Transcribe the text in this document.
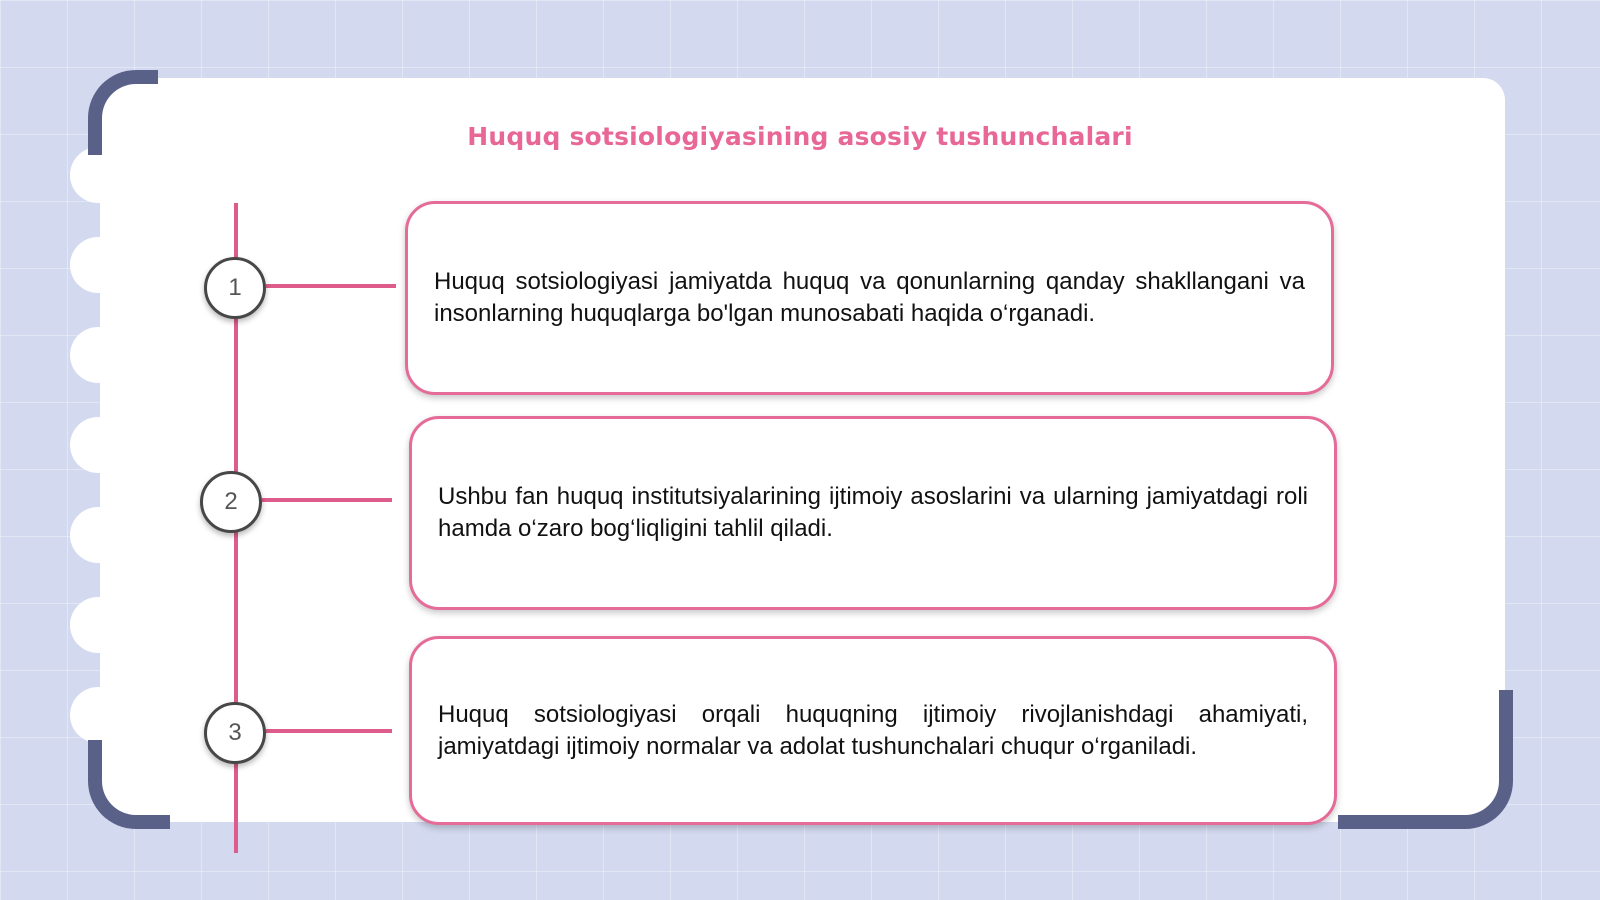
Huquq sotsiologiyasining asosiy tushunchalari
1
2
3

Huquq sotsiologiyasi jamiyatda huquq va qonunlarning qanday shakllangani va insonlarning huquqlarga bo'lgan munosabati haqida o‘rganadi.

Ushbu fan huquq institutsiyalarining ijtimoiy asoslarini va ularning jamiyatdagi roli hamda o‘zaro bog‘liqligini tahlil qiladi.

Huquq sotsiologiyasi orqali huquqning ijtimoiy rivojlanishdagi ahamiyati, jamiyatdagi ijtimoiy normalar va adolat tushunchalari chuqur o‘rganiladi.
